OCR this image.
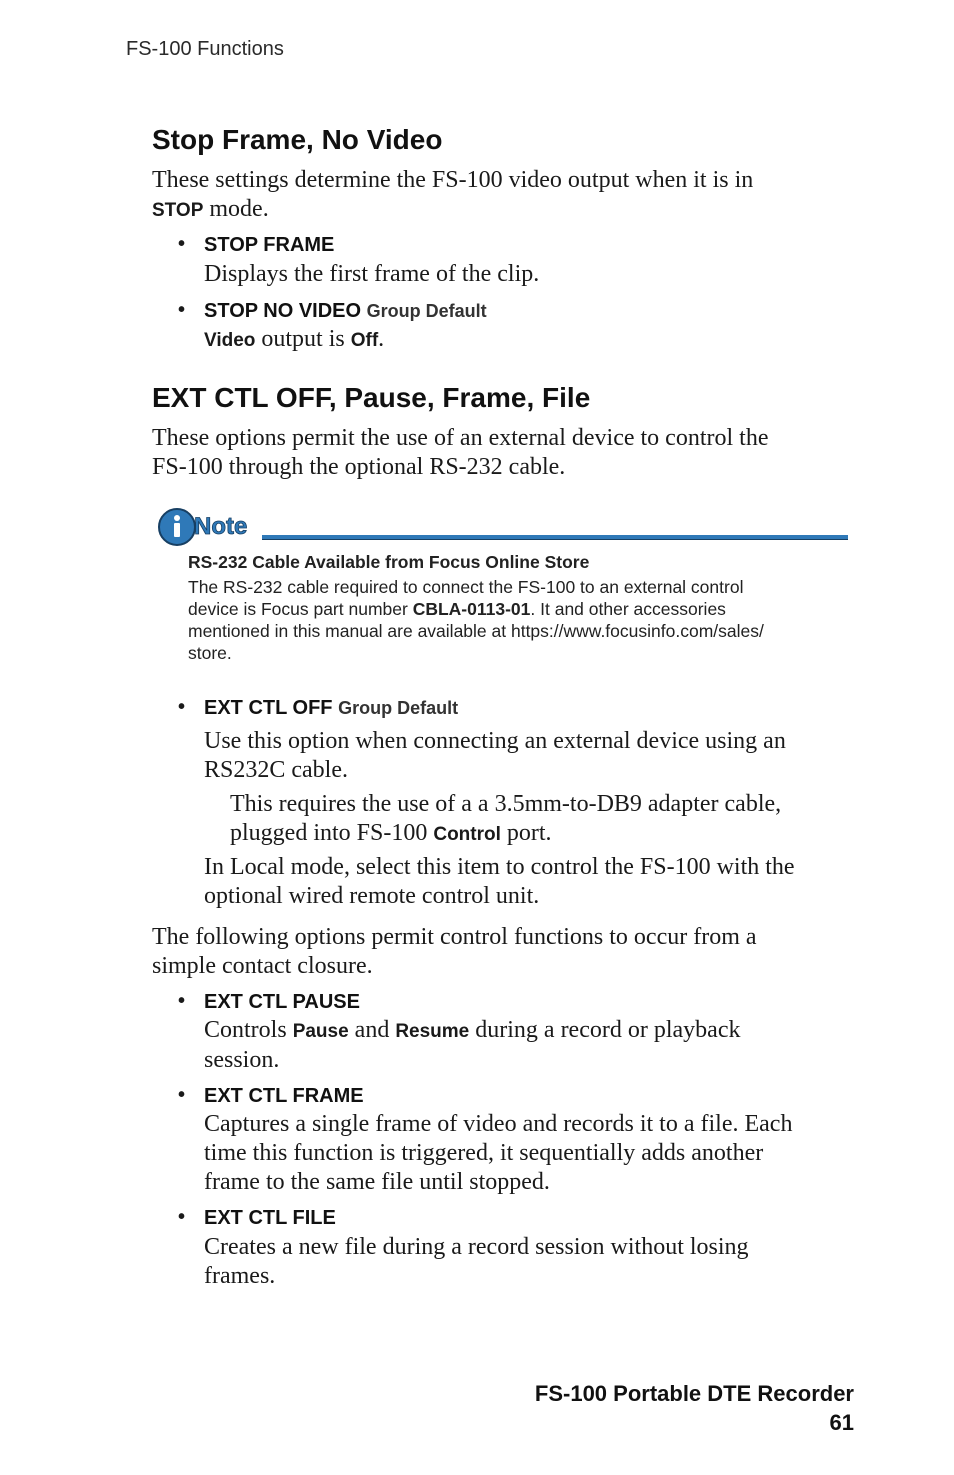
FS-100 Functions
Stop Frame, No Video
These settings determine the FS-100 video output when it is in
STOP mode.
• STOP FRAME
Displays the first frame of the clip.
• STOP NO VIDEO Group Default
Video output is Off.
EXT CTL OFF, Pause, Frame, File
These options permit the use of an external device to control the
FS-100 through the optional RS-232 cable.
Note
RS-232 Cable Available from Focus Online Store
The RS-232 cable required to connect the FS-100 to an external control
device is Focus part number CBLA-0113-01. It and other accessories
mentioned in this manual are available at https://www.focusinfo.com/sales/
store.
• EXT CTL OFF Group Default
Use this option when connecting an external device using an
RS232C cable.
This requires the use of a a 3.5mm-to-DB9 adapter cable,
plugged into FS-100 Control port.
In Local mode, select this item to control the FS-100 with the
optional wired remote control unit.
The following options permit control functions to occur from a
simple contact closure.
• EXT CTL PAUSE
Controls Pause and Resume during a record or playback
session.
• EXT CTL FRAME
Captures a single frame of video and records it to a file. Each
time this function is triggered, it sequentially adds another
frame to the same file until stopped.
• EXT CTL FILE
Creates a new file during a record session without losing
frames.
FS-100 Portable DTE Recorder
61
